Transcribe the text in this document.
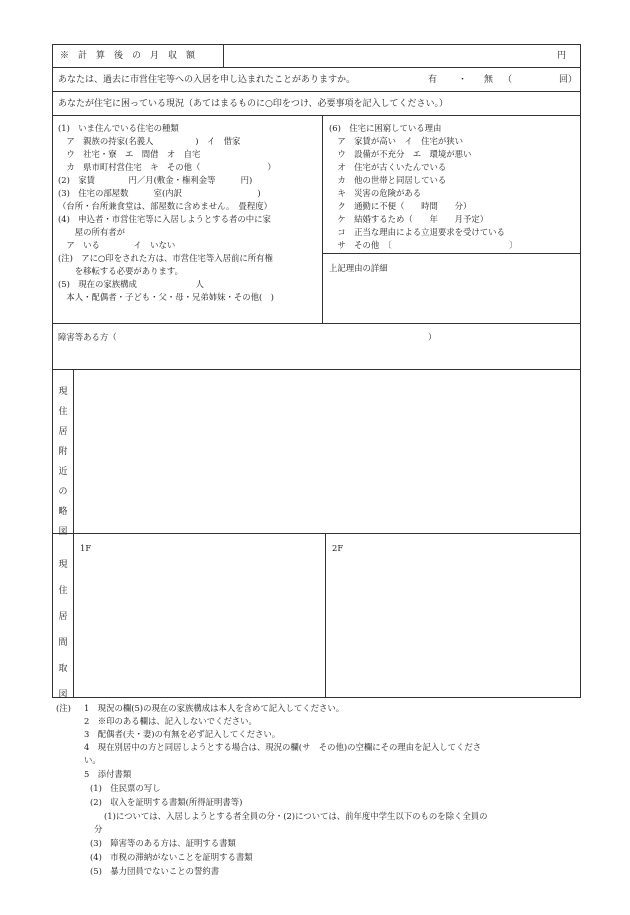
※　計　算　後　の　月　収　額	円
あなたは、過去に市営住宅等への入居を申し込まれたことがありますか。	有 ・ 無 （	回）
あなたが住宅に困っている現況（あてはまるものに○印をつけ、必要事項を記入してください。）
(1)　いま住んでいる住宅の種類
　ア　親族の持家(名義人　　　　　)　イ　借家
　ウ　社宅・寮　エ　間借　オ　自宅
　カ　県市町村営住宅　キ　その他（　　　　　　　　）
(2)　家賃　　　　円／月(敷金・権利金等　　　円)
(3)　住宅の部屋数　　　室(内訳　　　　　　　　　)
（台所・台所兼食堂は、部屋数に含めません。　畳程度）
(4)　申込者・市営住宅等に入居しようとする者の中に家
　　屋の所有者が
　ア　いる　　　　イ　いない
(注)　アに○印をされた方は、市営住宅等入居前に所有権
　　を移転する必要があります。
(5)　現在の家族構成　　　　　　　人
　本人・配偶者・子ども・父・母・兄弟姉妹・その他(　)
(6)　住宅に困窮している理由
　ア　家賃が高い　イ　住宅が狭い
　ウ　設備が不充分　エ　環境が悪い
　オ　住宅が古くいたんでいる
　カ　他の世帯と同居している
　キ　災害の危険がある
　ク　通勤に不便（　　時間　　分）
　ケ　結婚するため（　　年　　月予定）
　コ　正当な理由による立退要求を受けている
　サ　その他　〔　　　　　　　　　　　　　　〕
上記理由の詳細
障害等ある方（	）
現住居附近の略図
現住居間取図
1F	2F
(注) 1　現況の欄(5)の現在の家族構成は本人を含めて記入してください。
2　※印のある欄は、記入しないでください。
3　配偶者(夫・妻)の有無を必ず記入してください。
4　現在別居中の方と同居しようとする場合は、現況の欄(サ　その他)の空欄にその理由を記入してくださ
い。
5　添付書類
(1)　住民票の写し
(2)　収入を証明する書類(所得証明書等)
(1)については、入居しようとする者全員の分・(2)については、前年度中学生以下のものを除く全員の
分
(3)　障害等のある方は、証明する書類
(4)　市税の滞納がないことを証明する書類
(5)　暴力団員でないことの誓約書
